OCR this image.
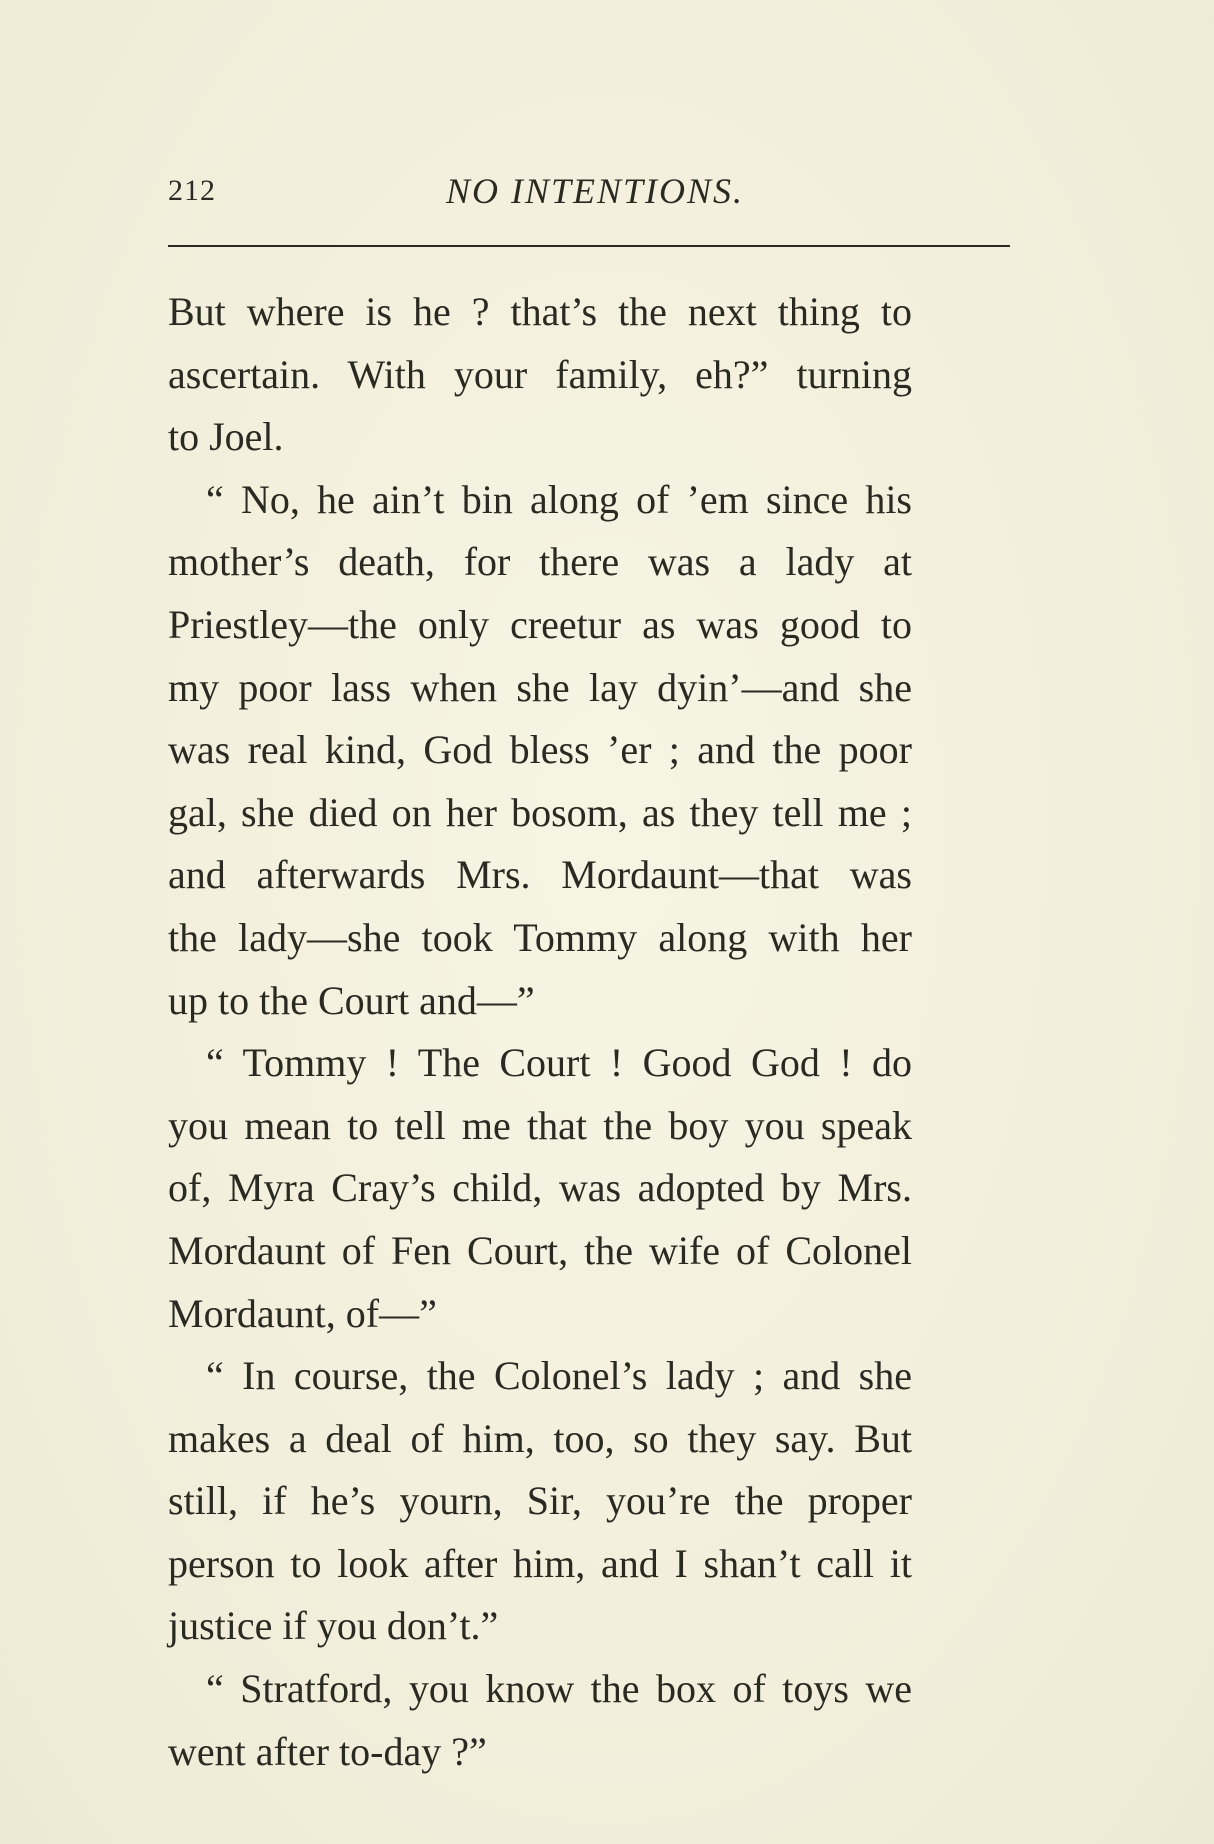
212	NO INTENTIONS.
But where is he ? that’s the next thing to
ascertain. With your family, eh?” turning
to Joel.
“ No, he ain’t bin along of ’em since his
mother’s death, for there was a lady at
Priestley—the only creetur as was good to
my poor lass when she lay dyin’—and she
was real kind, God bless ’er ; and the poor
gal, she died on her bosom, as they tell me ;
and afterwards Mrs. Mordaunt—that was
the lady—she took Tommy along with her
up to the Court and—”
“ Tommy ! The Court ! Good God ! do
you mean to tell me that the boy you speak
of, Myra Cray’s child, was adopted by Mrs.
Mordaunt of Fen Court, the wife of Colonel
Mordaunt, of—”
“ In course, the Colonel’s lady ; and she
makes a deal of him, too, so they say. But
still, if he’s yourn, Sir, you’re the proper
person to look after him, and I shan’t call it
justice if you don’t.”
“ Stratford, you know the box of toys we
went after to-day ?”
